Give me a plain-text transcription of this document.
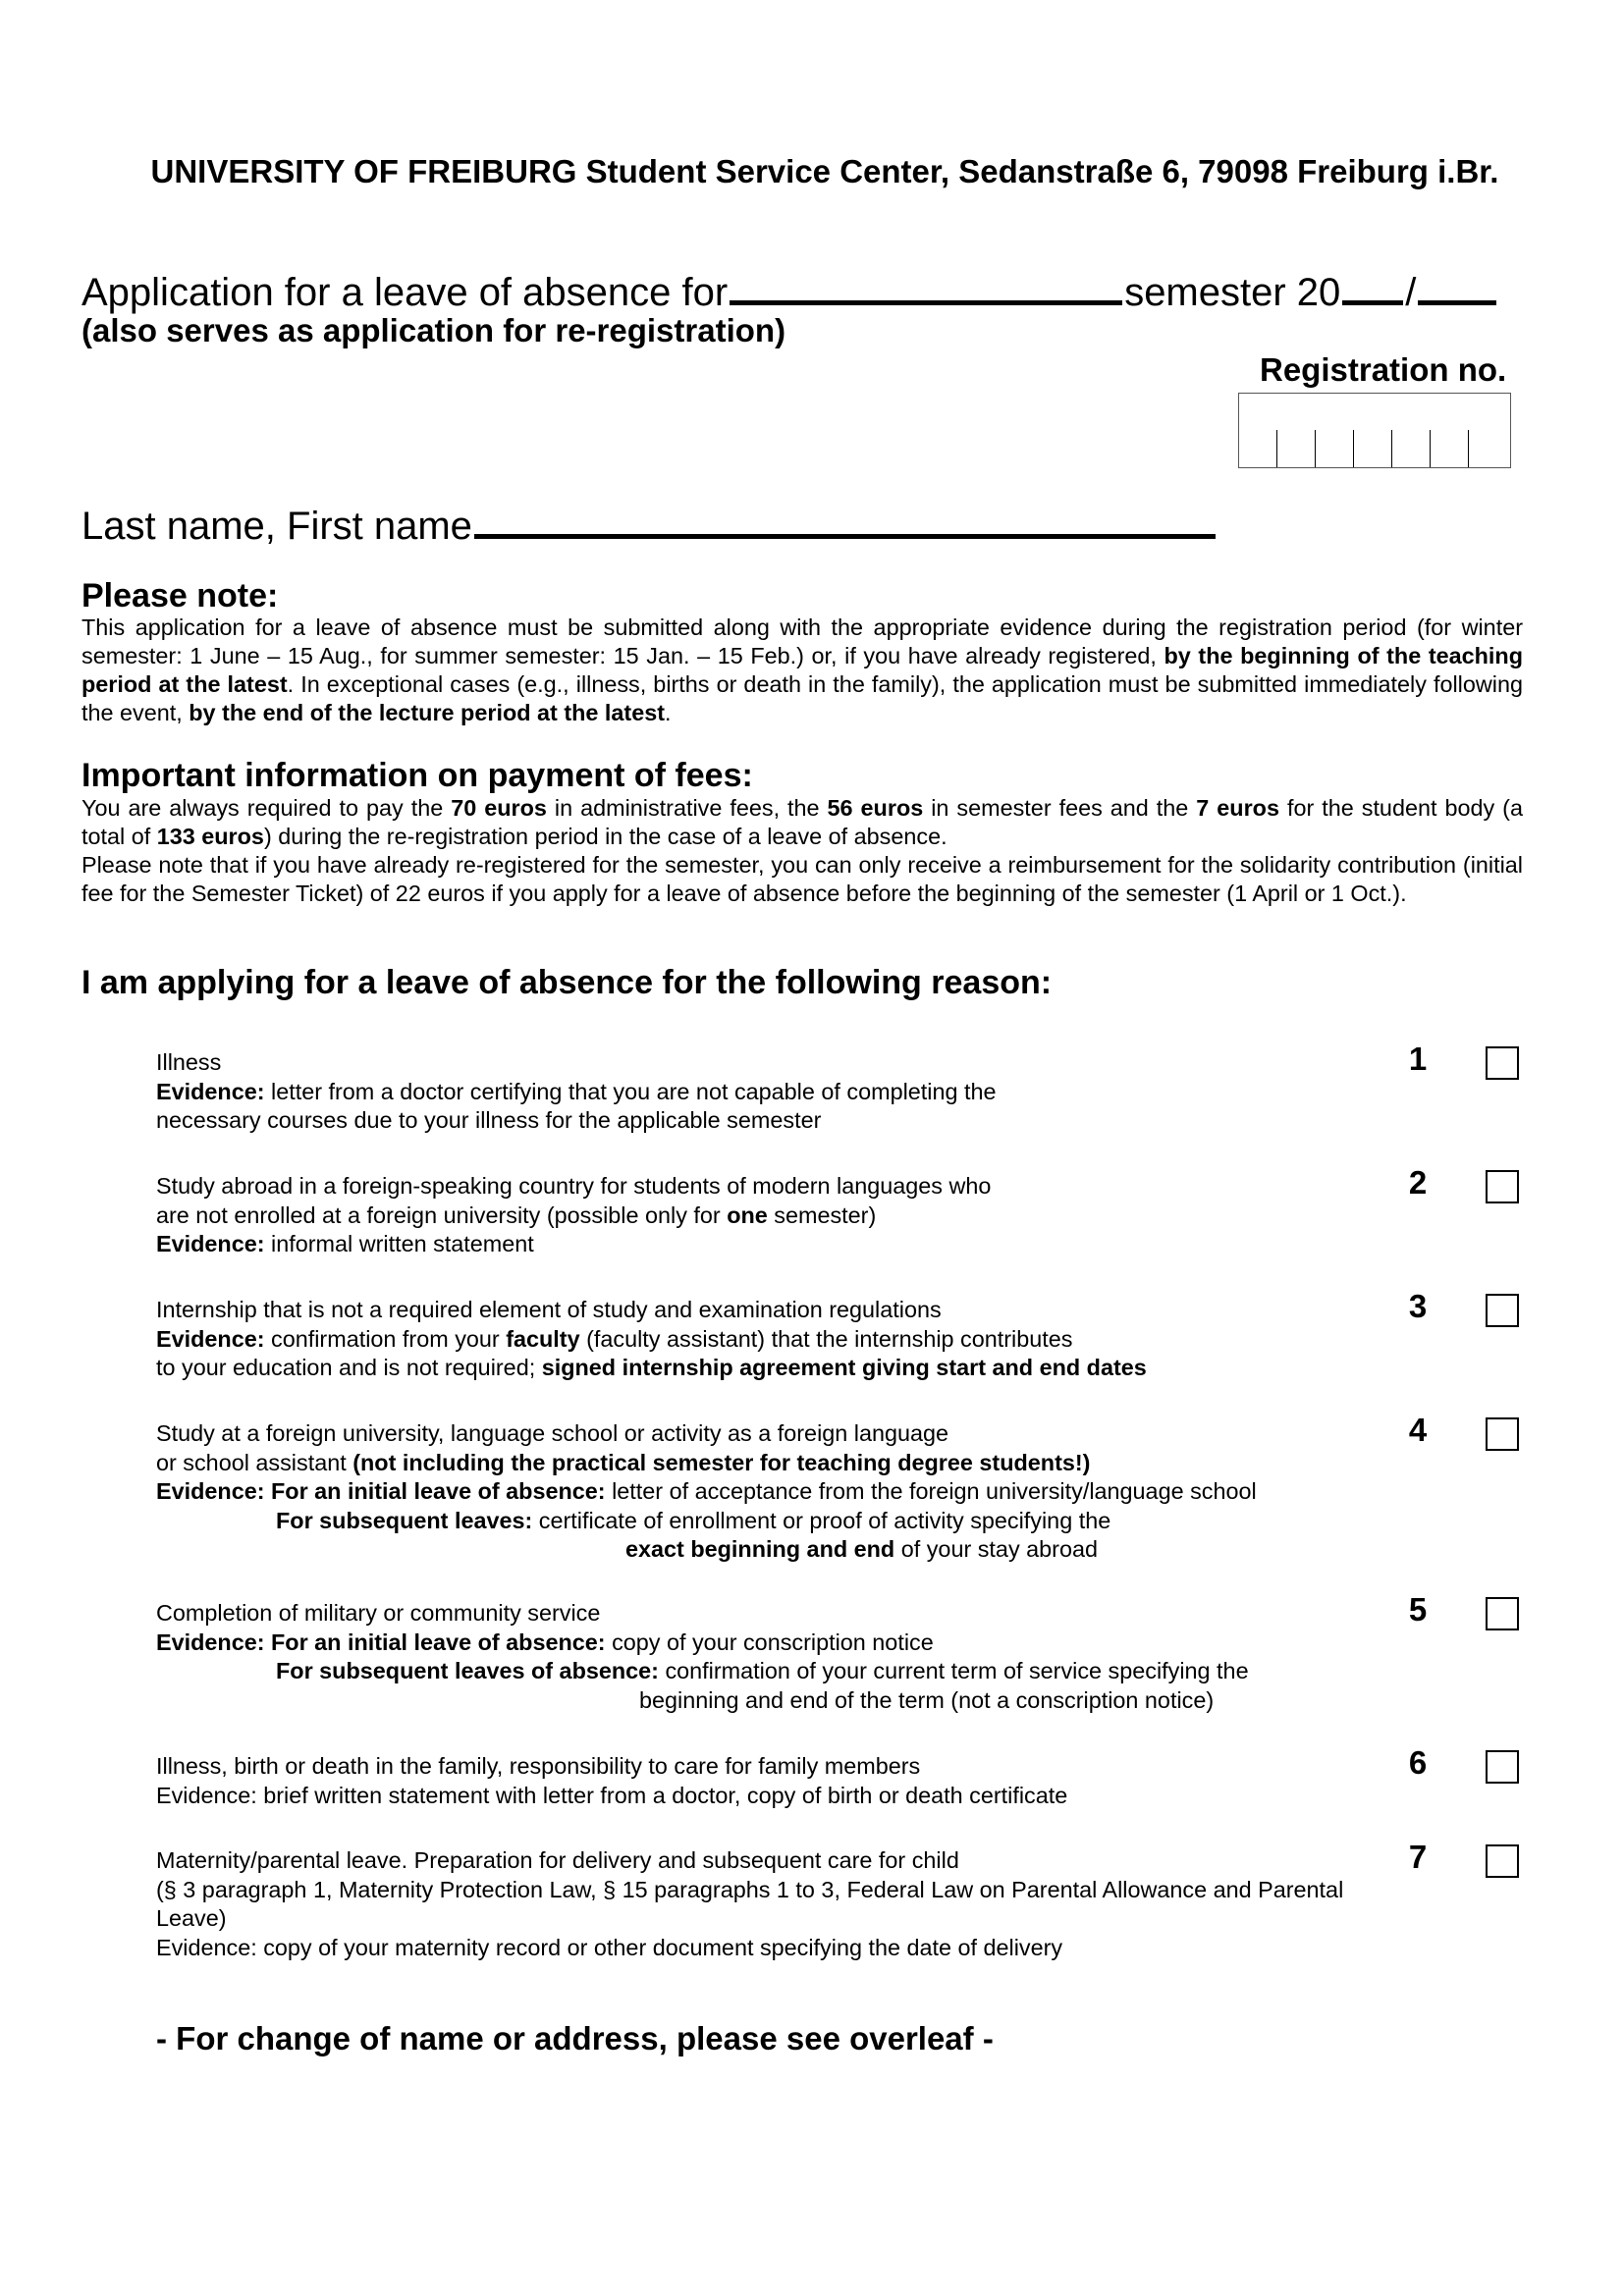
UNIVERSITY OF FREIBURG Student Service Center, Sedanstraße 6, 79098 Freiburg i.Br.
Application for a leave of absence for	semester 20 /
(also serves as application for re-registration)
Registration no.
Last name, First name
Please note:
This application for a leave of absence must be submitted along with the appropriate evidence during the registration period (for winter semester: 1 June – 15 Aug., for summer semester: 15 Jan. – 15 Feb.) or, if you have already registered, by the beginning of the teaching period at the latest. In exceptional cases (e.g., illness, births or death in the family), the application must be submitted immediately following the event, by the end of the lecture period at the latest.
Important information on payment of fees:
You are always required to pay the 70 euros in administrative fees, the 56 euros in semester fees and the 7 euros for the student body (a total of 133 euros) during the re-registration period in the case of a leave of absence.
Please note that if you have already re-registered for the semester, you can only receive a reimbursement for the solidarity contribution (initial fee for the Semester Ticket) of 22 euros if you apply for a leave of absence before the beginning of the semester (1 April or 1 Oct.).
I am applying for a leave of absence for the following reason:
Illness
Evidence: letter from a doctor certifying that you are not capable of completing the
necessary courses due to your illness for the applicable semester
1
Study abroad in a foreign-speaking country for students of modern languages who
are not enrolled at a foreign university (possible only for one semester)
Evidence: informal written statement
2
Internship that is not a required element of study and examination regulations
Evidence: confirmation from your faculty (faculty assistant) that the internship contributes
to your education and is not required; signed internship agreement giving start and end dates
3
Study at a foreign university, language school or activity as a foreign language
or school assistant (not including the practical semester for teaching degree students!)
Evidence: For an initial leave of absence: letter of acceptance from the foreign university/language school
For subsequent leaves: certificate of enrollment or proof of activity specifying the
exact beginning and end of your stay abroad
4
Completion of military or community service
Evidence: For an initial leave of absence: copy of your conscription notice
For subsequent leaves of absence: confirmation of your current term of service specifying the
beginning and end of the term (not a conscription notice)
5
Illness, birth or death in the family, responsibility to care for family members
Evidence: brief written statement with letter from a doctor, copy of birth or death certificate
6
Maternity/parental leave. Preparation for delivery and subsequent care for child
(§ 3 paragraph 1, Maternity Protection Law, § 15 paragraphs 1 to 3, Federal Law on Parental Allowance and Parental
Leave)
Evidence: copy of your maternity record or other document specifying the date of delivery
7
- For change of name or address, please see overleaf -
